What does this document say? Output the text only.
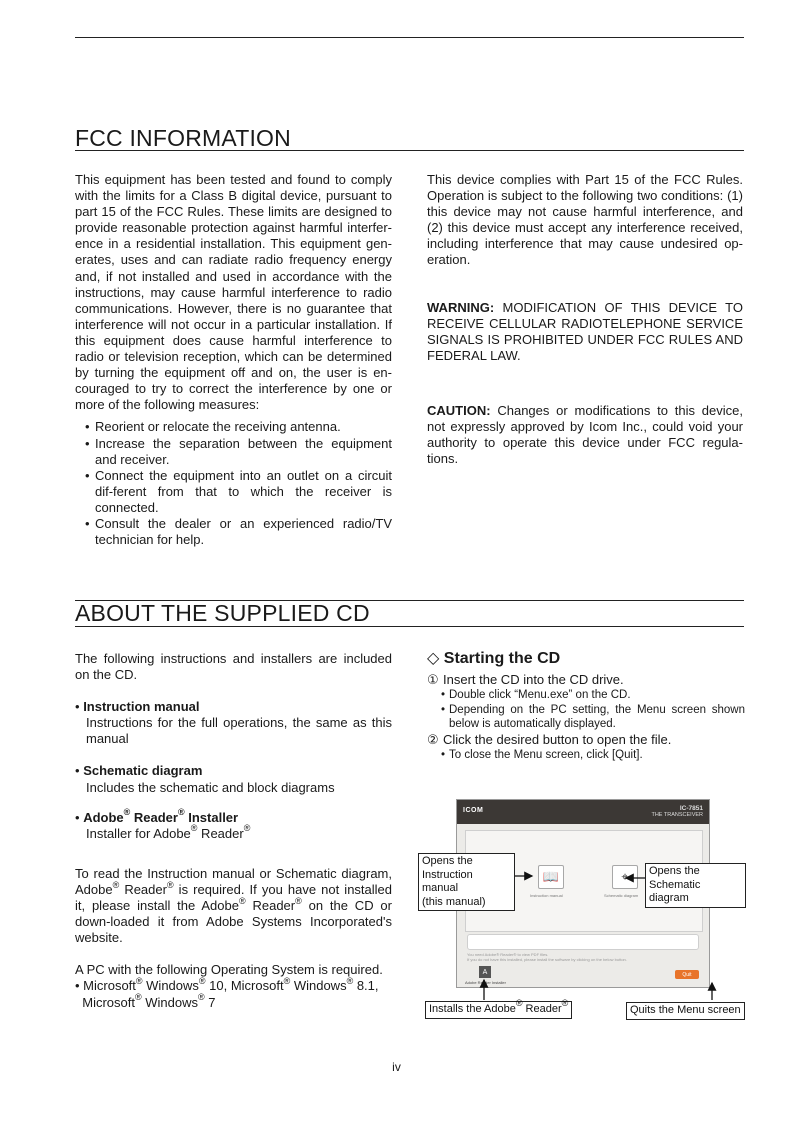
FCC INFORMATION

This equipment has been tested and found to comply with the limits for a Class B digital device, pursuant to part 15 of the FCC Rules. These limits are designed to provide reasonable protection against harmful interfer-ence in a residential installation. This equipment gen-erates, uses and can radiate radio frequency energy and, if not installed and used in accordance with the instructions, may cause harmful interference to radio communications. However, there is no guarantee that interference will not occur in a particular installation. If this equipment does cause harmful interference to radio or television reception, which can be determined by turning the equipment off and on, the user is en-couraged to try to correct the interference by one or more of the following measures:

• Reorient or relocate the receiving antenna.
• Increase the separation between the equipment and receiver.
• Connect the equipment into an outlet on a circuit dif-ferent from that to which the receiver is connected.
• Consult the dealer or an experienced radio/TV technician for help.
This device complies with Part 15 of the FCC Rules. Operation is subject to the following two conditions: (1) this device may not cause harmful interference, and (2) this device must accept any interference received, including interference that may cause undesired op-eration.
WARNING: MODIFICATION OF THIS DEVICE TO RECEIVE CELLULAR RADIOTELEPHONE SERVICE SIGNALS IS PROHIBITED UNDER FCC RULES AND FEDERAL LAW.
CAUTION: Changes or modifications to this device, not expressly approved by Icom Inc., could void your authority to operate this device under FCC regula-tions.
ABOUT THE SUPPLIED CD

The following instructions and installers are included on the CD.

• Instruction manual

Instructions for the full operations, the same as this manual

• Schematic diagram

Includes the schematic and block diagrams

• Adobe® Reader® Installer

Installer for Adobe® Reader®

To read the Instruction manual or Schematic diagram, Adobe® Reader® is required. If you have not installed it, please install the Adobe® Reader® on the CD or down-loaded it from Adobe Systems Incorporated's website.

A PC with the following Operating System is required.

• Microsoft® Windows® 10, Microsoft® Windows® 8.1,
Microsoft® Windows® 7

◇ Starting the CD
① Insert the CD into the CD drive.
• Double click “Menu.exe” on the CD.
• Depending on the PC setting, the Menu screen shown below is automatically displayed.
② Click the desired button to open the file.
• To close the Menu screen, click [Quit].
ICOM	IC-7851
THE TRANSCEIVER
📖
Instruction manual
⌖
Schematic diagram
You need Adobe® Reader® to view PDF files.
If you do not have this installed, please install the software by clicking on the below button.
A
Adobe Reader Installer
Quit
Opens the
Instruction manual
(this manual)
Opens the
Schematic diagram
Installs the Adobe® Reader®
Quits the Menu screen
iv
